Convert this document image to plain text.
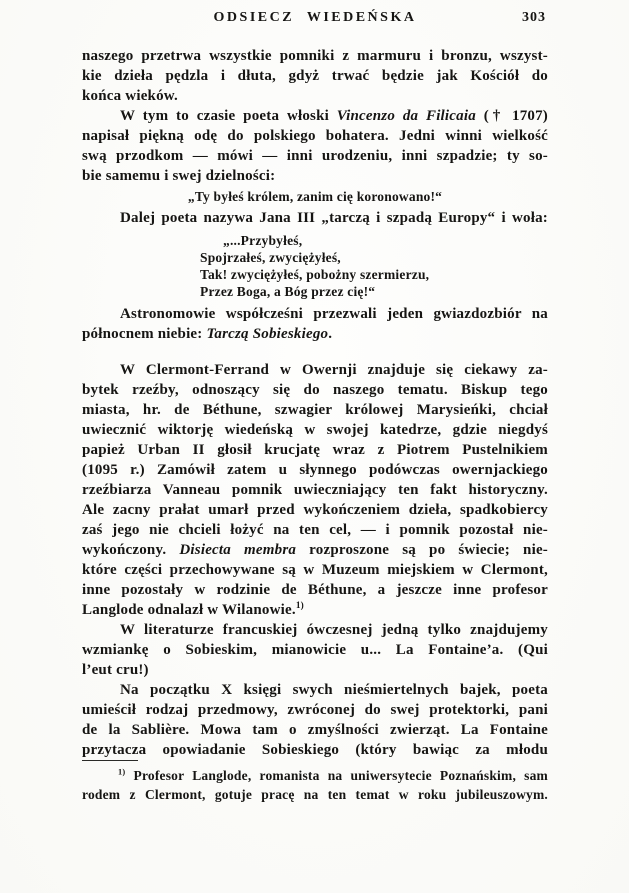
ODSIECZ WIEDEŃSKA	303
naszego przetrwa wszystkie pomniki z marmuru i bronzu, wszyst-
kie dzieła pędzla i dłuta, gdyż trwać będzie jak Kościół do
końca wieków.
W tym to czasie poeta włoski Vincenzo da Filicaia († 1707)
napisał piękną odę do polskiego bohatera. Jedni winni wielkość
swą przodkom — mówi — inni urodzeniu, inni szpadzie; ty so-
bie samemu i swej dzielności:
„Ty byłeś królem, zanim cię koronowano!“
Dalej poeta nazywa Jana III „tarczą i szpadą Europy“ i woła:
„...Przybyłeś,
Spojrzałeś, zwyciężyłeś,
Tak! zwyciężyłeś, pobożny szermierzu,
Przez Boga, a Bóg przez cię!“
Astronomowie współcześni przezwali jeden gwiazdozbiór na
północnem niebie: Tarczą Sobieskiego.
W Clermont-Ferrand w Owernji znajduje się ciekawy za-
bytek rzeźby, odnoszący się do naszego tematu. Biskup tego
miasta, hr. de Béthune, szwagier królowej Marysieńki, chciał
uwiecznić wiktorję wiedeńską w swojej katedrze, gdzie niegdyś
papież Urban II głosił krucjatę wraz z Piotrem Pustelnikiem
(1095 r.) Zamówił zatem u słynnego podówczas owernjackiego
rzeźbiarza Vanneau pomnik uwieczniający ten fakt historyczny.
Ale zacny prałat umarł przed wykończeniem dzieła, spadkobiercy
zaś jego nie chcieli łożyć na ten cel, — i pomnik pozostał nie-
wykończony. Disiecta membra rozproszone są po świecie; nie-
które części przechowywane są w Muzeum miejskiem w Clermont,
inne pozostały w rodzinie de Béthune, a jeszcze inne profesor
Langlode odnalazł w Wilanowie.$^{1)}$
W literaturze francuskiej ówczesnej jedną tylko znajdujemy
wzmiankę o Sobieskim, mianowicie u... La Fontaine’a. (Qui
l’eut cru!)
Na początku X księgi swych nieśmiertelnych bajek, poeta
umieścił rodzaj przedmowy, zwróconej do swej protektorki, pani
de la Sablière. Mowa tam o zmyślności zwierząt. La Fontaine
przytacza opowiadanie Sobieskiego (który bawiąc za młodu
$^{1)}$ Profesor Langlode, romanista na uniwersytecie Poznańskim, sam
rodem z Clermont, gotuje pracę na ten temat w roku jubileuszowym.
